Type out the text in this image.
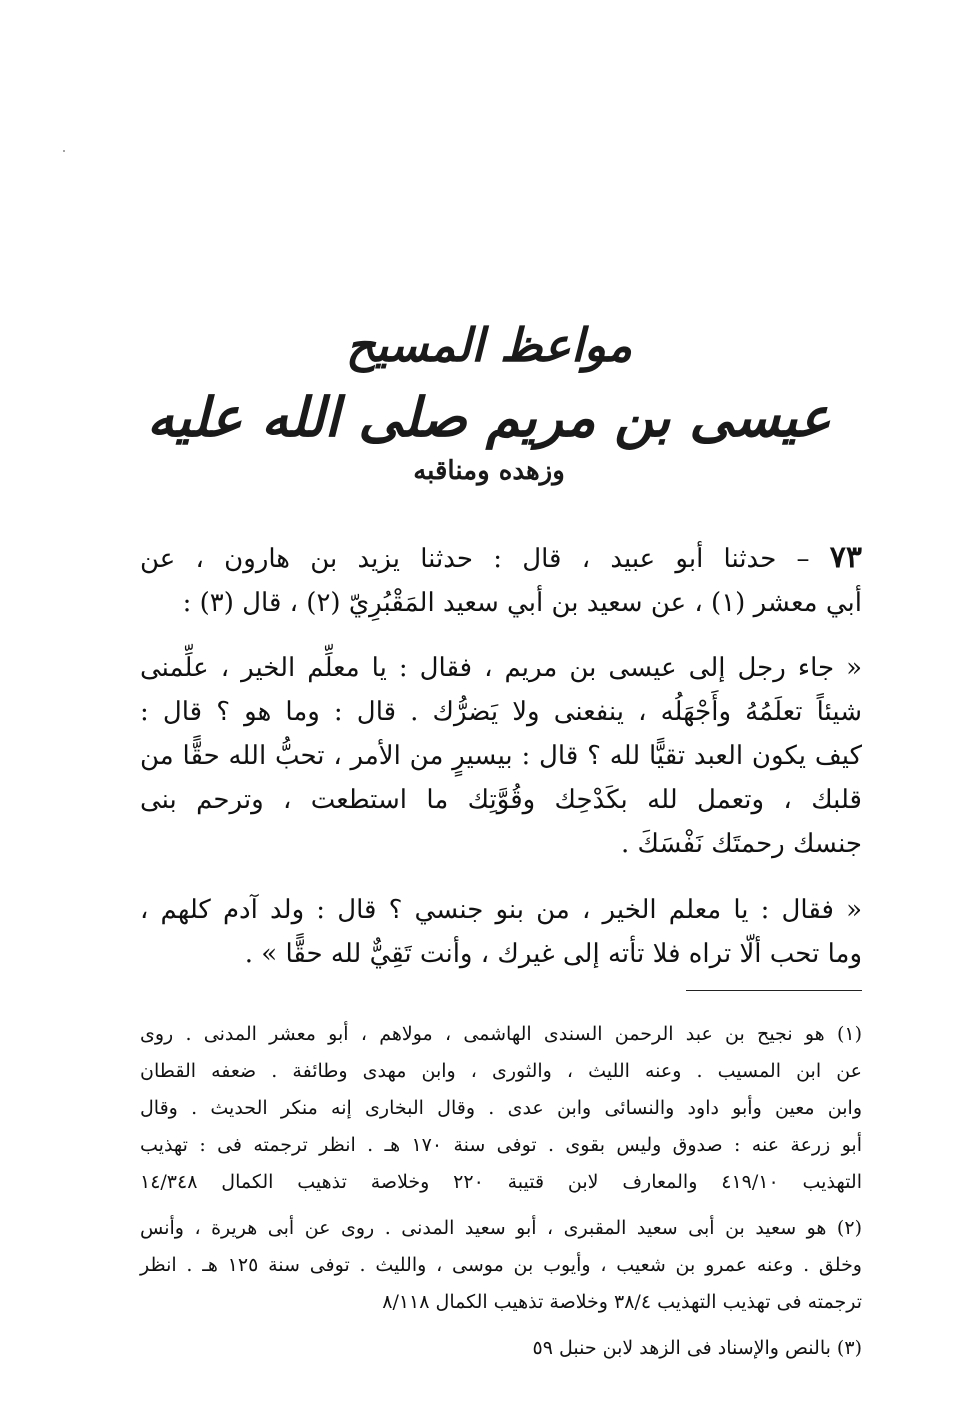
مواعظ المسيح
عيسى بن مريم صلى الله عليه
وزهده ومناقبه
٧٣ – حدثنا أبو عبيد ، قال : حدثنا يزيد بن هارون ، عن
أبي معشر (١) ، عن سعيد بن أبي سعيد المَقْبُرِيّ (٢) ، قال (٣) :
« جاء رجل إلى عيسى بن مريم ، فقال : يا معلِّم الخير ، علِّمنى
شيئاً تعلَمُهُ وأَجْهَلُه ، ينفعنى ولا يَضرُّك . قال : وما هو ؟ قال :
كيف يكون العبد تقيًّا لله ؟ قال : بيسيرٍ من الأمر ، تحبُّ الله حقًّا من
قلبك ، وتعمل لله بكَدْحِك وقُوَّتِك ما استطعت ، وترحم بنى
جنسك رحمتَك نَفْسَكَ .
« فقال : يا معلم الخير ، من بنو جنسي ؟ قال : ولد آدم كلهم ،
وما تحب ألّا تراه فلا تأته إلى غيرك ، وأنت تَقِيٌّ لله حقًّا » .
(١) هو نجيح بن عبد الرحمن السندى الهاشمى ، مولاهم ، أبو معشر المدنى . روى
عن ابن المسيب . وعنه الليث ، والثورى ، وابن مهدى وطائفة . ضعفه القطان
وابن معين وأبو داود والنسائى وابن عدى . وقال البخارى إنه منكر الحديث . وقال
أبو زرعة عنه : صدوق وليس بقوى . توفى سنة ١٧٠ هـ . انظر ترجمته فى : تهذيب
التهذيب ٤١٩/١٠ والمعارف لابن قتيبة ٢٢٠ وخلاصة تذهيب الكمال ١٤/٣٤٨
(٢) هو سعيد بن أبى سعيد المقبرى ، أبو سعيد المدنى . روى عن أبى هريرة ، وأنس
وخلق . وعنه عمرو بن شعيب ، وأيوب بن موسى ، والليث . توفى سنة ١٢٥ هـ . انظر
ترجمته فى تهذيب التهذيب ٣٨/٤ وخلاصة تذهيب الكمال ٨/١١٨
(٣) بالنص والإسناد فى الزهد لابن حنبل ٥٩
